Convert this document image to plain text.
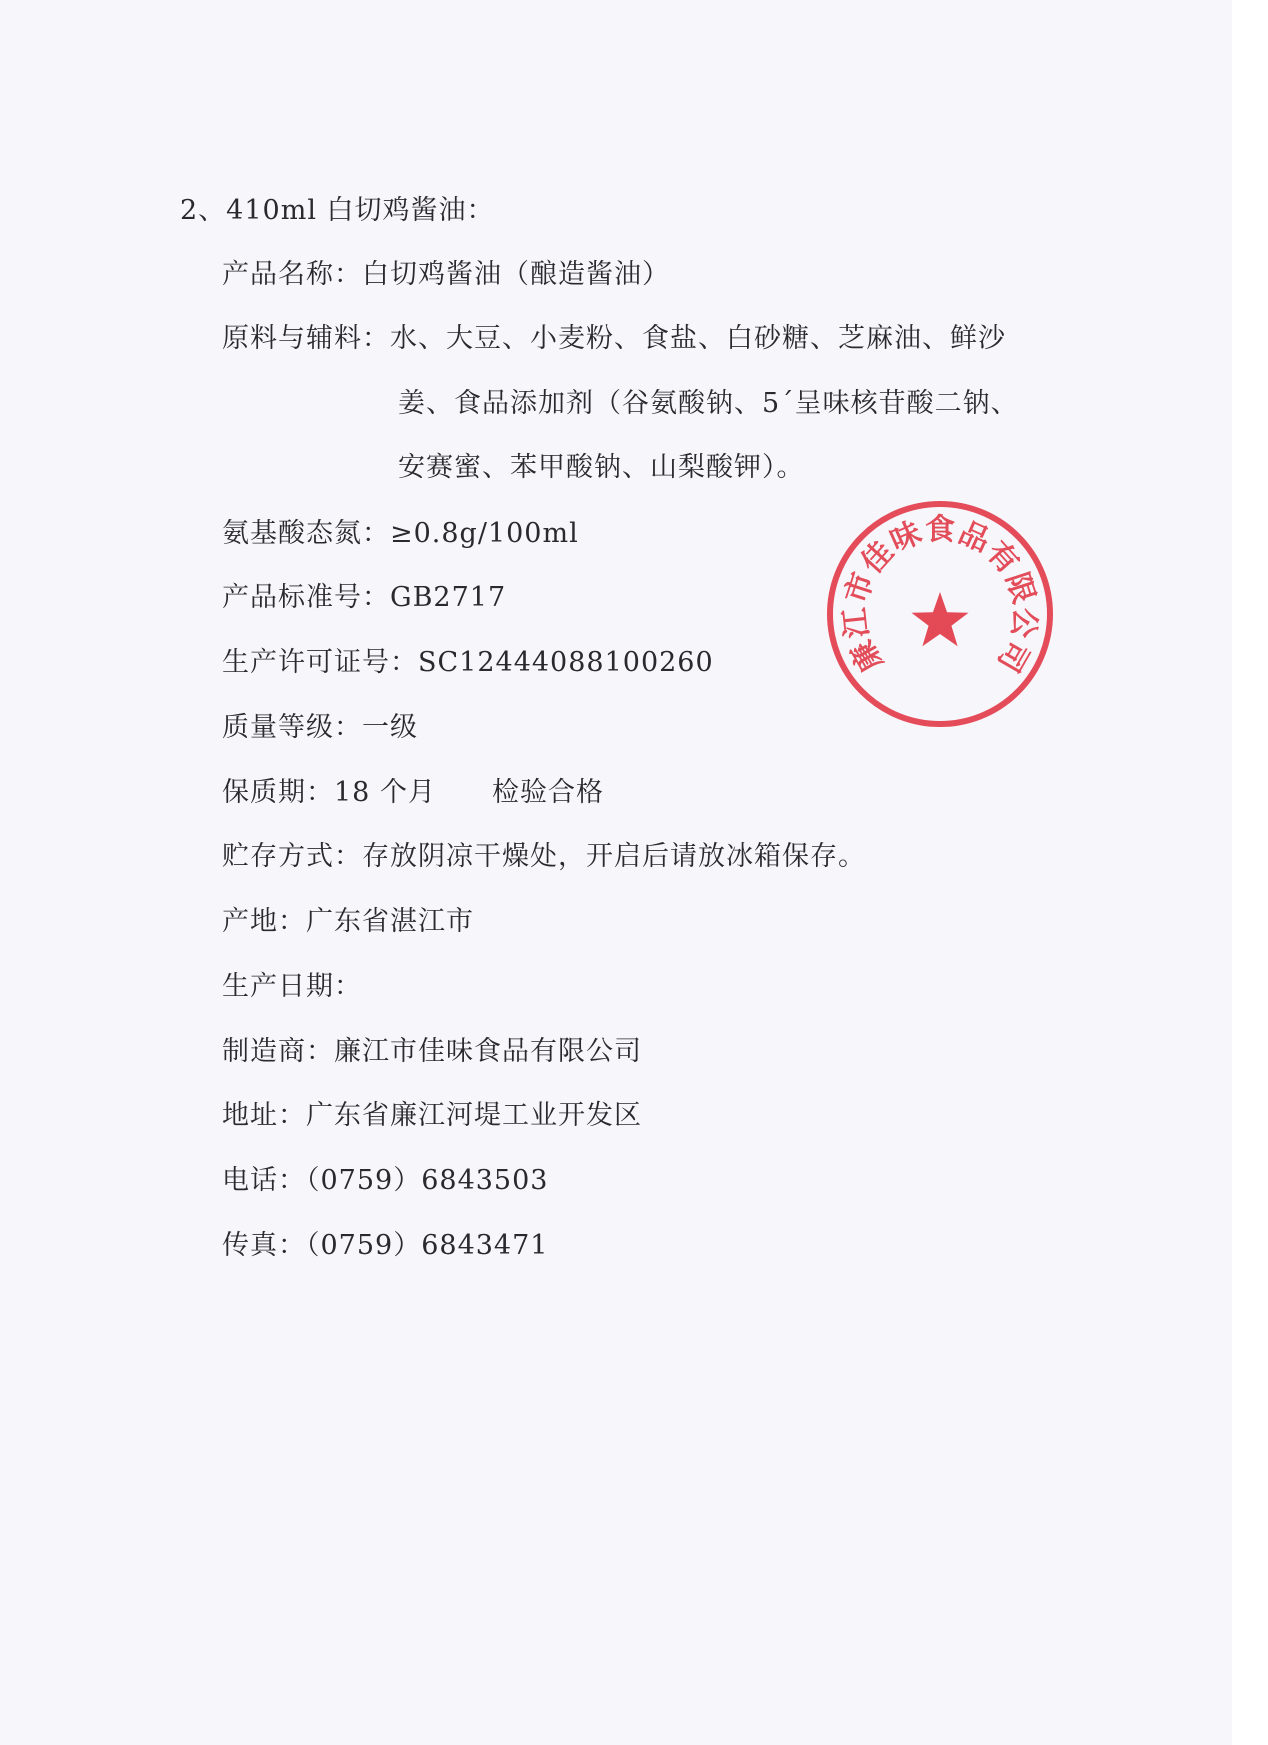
2、410ml 白切鸡酱油：

产品名称：白切鸡酱油（酿造酱油）

原料与辅料：水、大豆、小麦粉、食盐、白砂糖、芝麻油、鲜沙

姜、食品添加剂（谷氨酸钠、5´呈味核苷酸二钠、

安赛蜜、苯甲酸钠、山梨酸钾）。

氨基酸态氮：≥0.8g/100ml

产品标准号：GB2717

生产许可证号：SC12444088100260

质量等级：一级

保质期：18 个月 检验合格

贮存方式：存放阴凉干燥处，开启后请放冰箱保存。

产地：广东省湛江市

生产日期：

制造商：廉江市佳味食品有限公司

地址：广东省廉江河堤工业开发区

电话：（0759）6843503

传真：（0759）6843471

廉
江
市
佳
味
食
品
有
限
公
司
